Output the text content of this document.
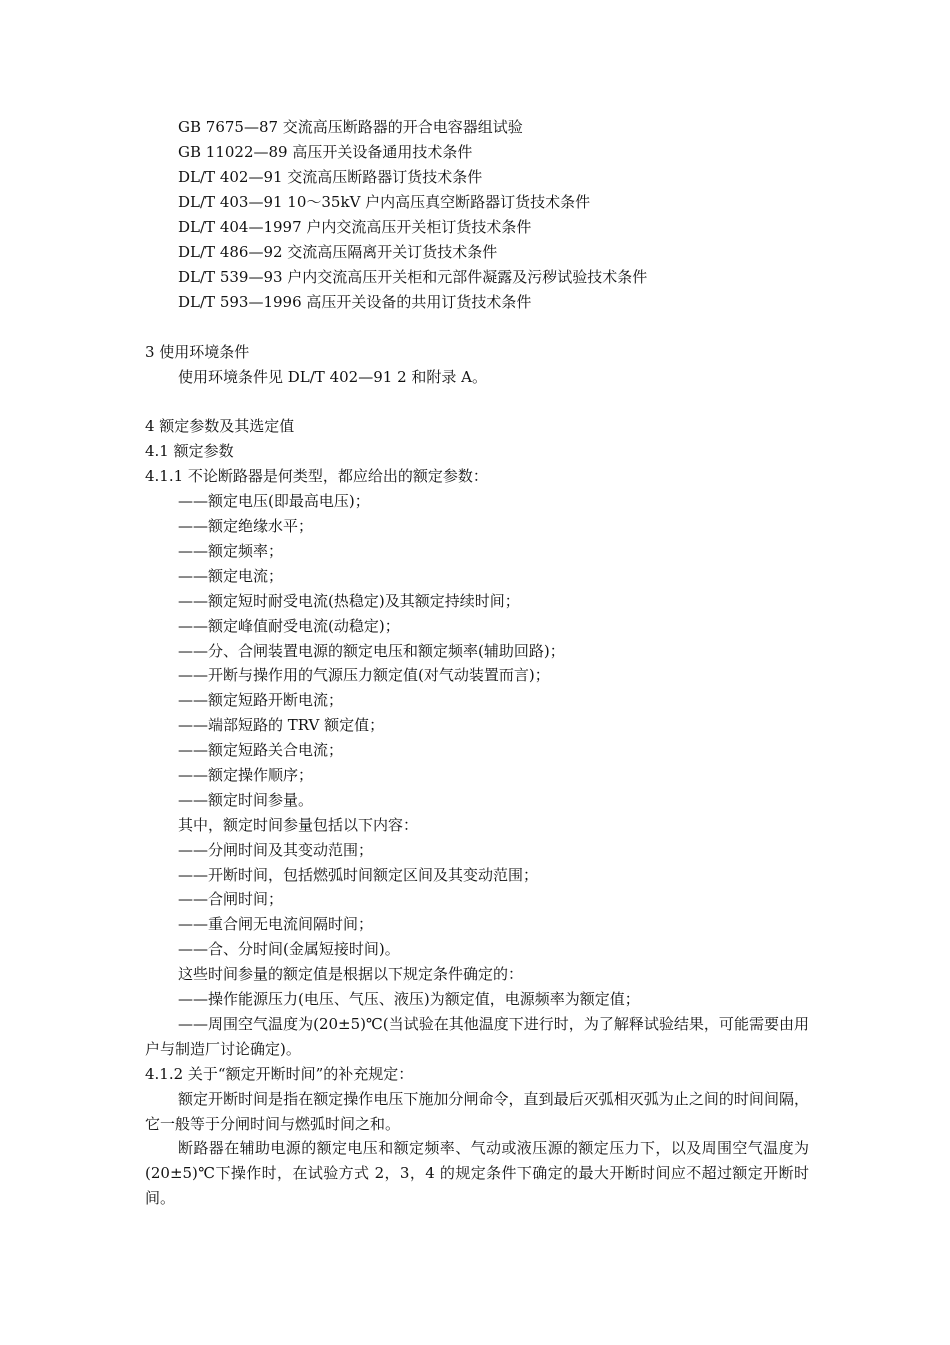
GB 7675—87 交流高压断路器的开合电容器组试验
GB 11022—89 高压开关设备通用技术条件
DL/T 402—91 交流高压断路器订货技术条件
DL/T 403—91 10～35kV 户内高压真空断路器订货技术条件
DL/T 404—1997 户内交流高压开关柜订货技术条件
DL/T 486—92 交流高压隔离开关订货技术条件
DL/T 539—93 户内交流高压开关柜和元部件凝露及污秽试验技术条件
DL/T 593—1996 高压开关设备的共用订货技术条件
3 使用环境条件
使用环境条件见 DL/T 402—91 2 和附录 A。
4 额定参数及其选定值
4.1 额定参数
4.1.1 不论断路器是何类型，都应给出的额定参数：
——额定电压(即最高电压)；
——额定绝缘水平；
——额定频率；
——额定电流；
——额定短时耐受电流(热稳定)及其额定持续时间；
——额定峰值耐受电流(动稳定)；
——分、合闸装置电源的额定电压和额定频率(辅助回路)；
——开断与操作用的气源压力额定值(对气动装置而言)；
——额定短路开断电流；
——端部短路的 TRV 额定值；
——额定短路关合电流；
——额定操作顺序；
——额定时间参量。
其中，额定时间参量包括以下内容：
——分闸时间及其变动范围；
——开断时间，包括燃弧时间额定区间及其变动范围；
——合闸时间；
——重合闸无电流间隔时间；
——合、分时间(金属短接时间)。
这些时间参量的额定值是根据以下规定条件确定的：
——操作能源压力(电压、气压、液压)为额定值，电源频率为额定值；
——周围空气温度为(20±5)℃(当试验在其他温度下进行时，为了解释试验结果，可能需要由用户与制造厂讨论确定)。
4.1.2 关于“额定开断时间”的补充规定：
额定开断时间是指在额定操作电压下施加分闸命令，直到最后灭弧相灭弧为止之间的时间间隔，它一般等于分闸时间与燃弧时间之和。
断路器在辅助电源的额定电压和额定频率、气动或液压源的额定压力下，以及周围空气温度为(20±5)℃下操作时，在试验方式 2，3，4 的规定条件下确定的最大开断时间应不超过额定开断时间。
